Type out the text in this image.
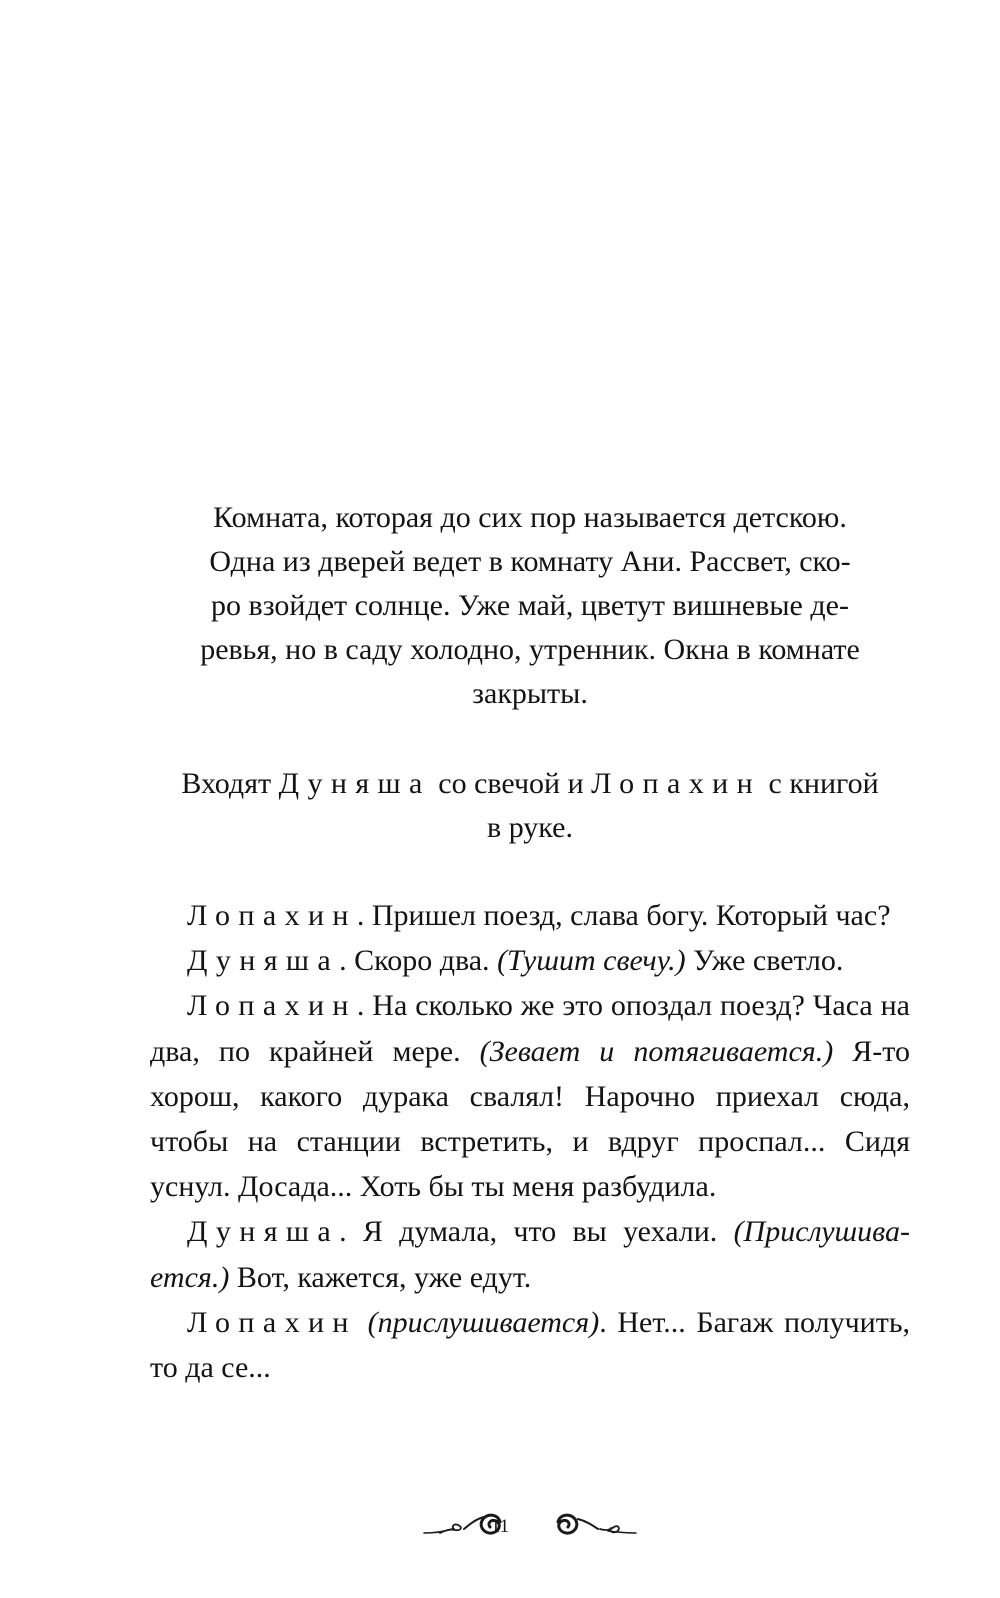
Комната, которая до сих пор называется детскою.
Одна из дверей ведет в комнату Ани. Рассвет, ско-
ро взойдет солнце. Уже май, цветут вишневые де-
ревья, но в саду холодно, утренник. Окна в комнате
закрыты.
Входят Дуняша со свечой и Лопахин с книгой
в руке.

Лопахин. Пришел поезд, слава богу. Который час?

Дуняша. Скоро два. (Тушит свечу.) Уже светло.

Лопахин. На сколько же это опоздал поезд? Часа на два, по крайней мере. (Зевает и потягивается.) Я-то хорош, какого дурака свалял! Нарочно приехал сюда, чтобы на станции встретить, и вдруг проспал... Сидя уснул. Досада... Хоть бы ты меня разбудила.

Дуняша. Я думала, что вы уехали. (Прислушивается.) Вот, кажется, уже едут.

Лопахин (прислушивается). Нет... Багаж получить, то да се...

11
